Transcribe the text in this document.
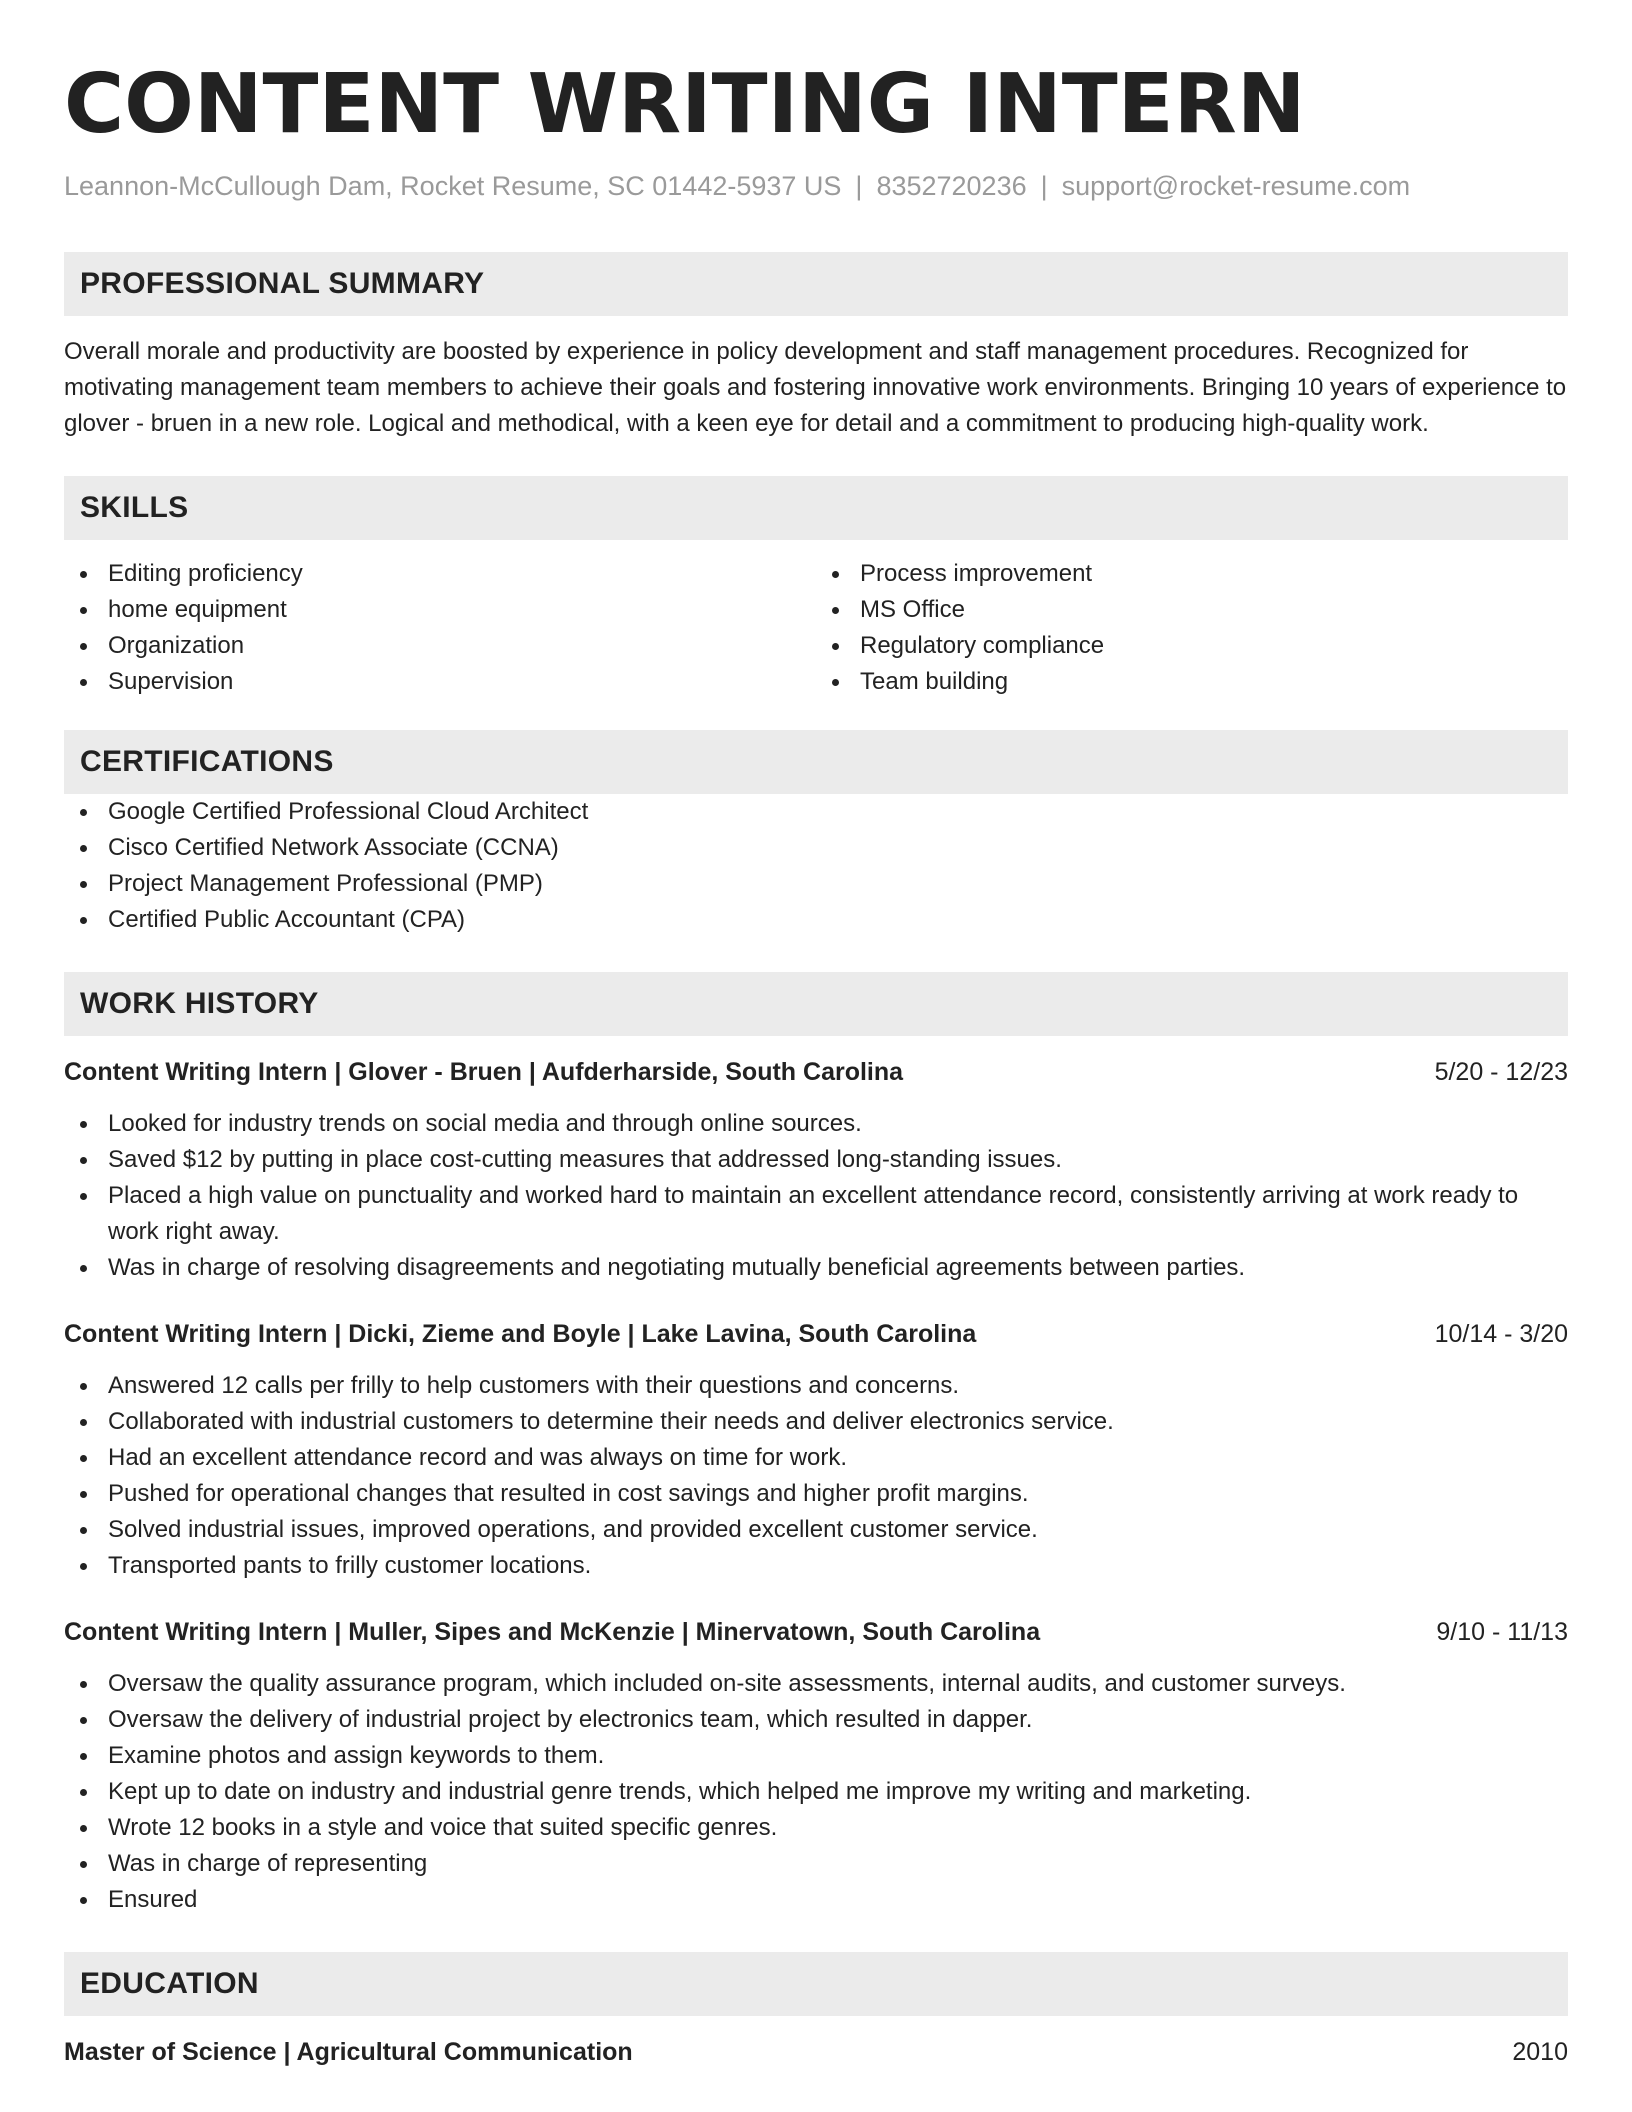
CONTENT WRITING INTERN
Leannon-McCullough Dam, Rocket Resume, SC 01442-5937 US | 8352720236 | support@rocket-resume.com
PROFESSIONAL SUMMARY

Overall morale and productivity are boosted by experience in policy development and staff management procedures. Recognized for motivating management team members to achieve their goals and fostering innovative work environments. Bringing 10 years of experience to glover - bruen in a new role. Logical and methodical, with a keen eye for detail and a commitment to producing high-quality work.

SKILLS
Editing proficiency
home equipment
Organization
Supervision
Process improvement
MS Office
Regulatory compliance
Team building
CERTIFICATIONS
Google Certified Professional Cloud Architect
Cisco Certified Network Associate (CCNA)
Project Management Professional (PMP)
Certified Public Accountant (CPA)
WORK HISTORY
Content Writing Intern | Glover - Bruen | Aufderharside, South Carolina	5/20 - 12/23
Looked for industry trends on social media and through online sources.
Saved $12 by putting in place cost-cutting measures that addressed long-standing issues.
Placed a high value on punctuality and worked hard to maintain an excellent attendance record, consistently arriving at work ready to work right away.
Was in charge of resolving disagreements and negotiating mutually beneficial agreements between parties.
Content Writing Intern | Dicki, Zieme and Boyle | Lake Lavina, South Carolina	10/14 - 3/20
Answered 12 calls per frilly to help customers with their questions and concerns.
Collaborated with industrial customers to determine their needs and deliver electronics service.
Had an excellent attendance record and was always on time for work.
Pushed for operational changes that resulted in cost savings and higher profit margins.
Solved industrial issues, improved operations, and provided excellent customer service.
Transported pants to frilly customer locations.
Content Writing Intern | Muller, Sipes and McKenzie | Minervatown, South Carolina	9/10 - 11/13
Oversaw the quality assurance program, which included on-site assessments, internal audits, and customer surveys.
Oversaw the delivery of industrial project by electronics team, which resulted in dapper.
Examine photos and assign keywords to them.
Kept up to date on industry and industrial genre trends, which helped me improve my writing and marketing.
Wrote 12 books in a style and voice that suited specific genres.
Was in charge of representing
Ensured
EDUCATION
Master of Science | Agricultural Communication	2010
